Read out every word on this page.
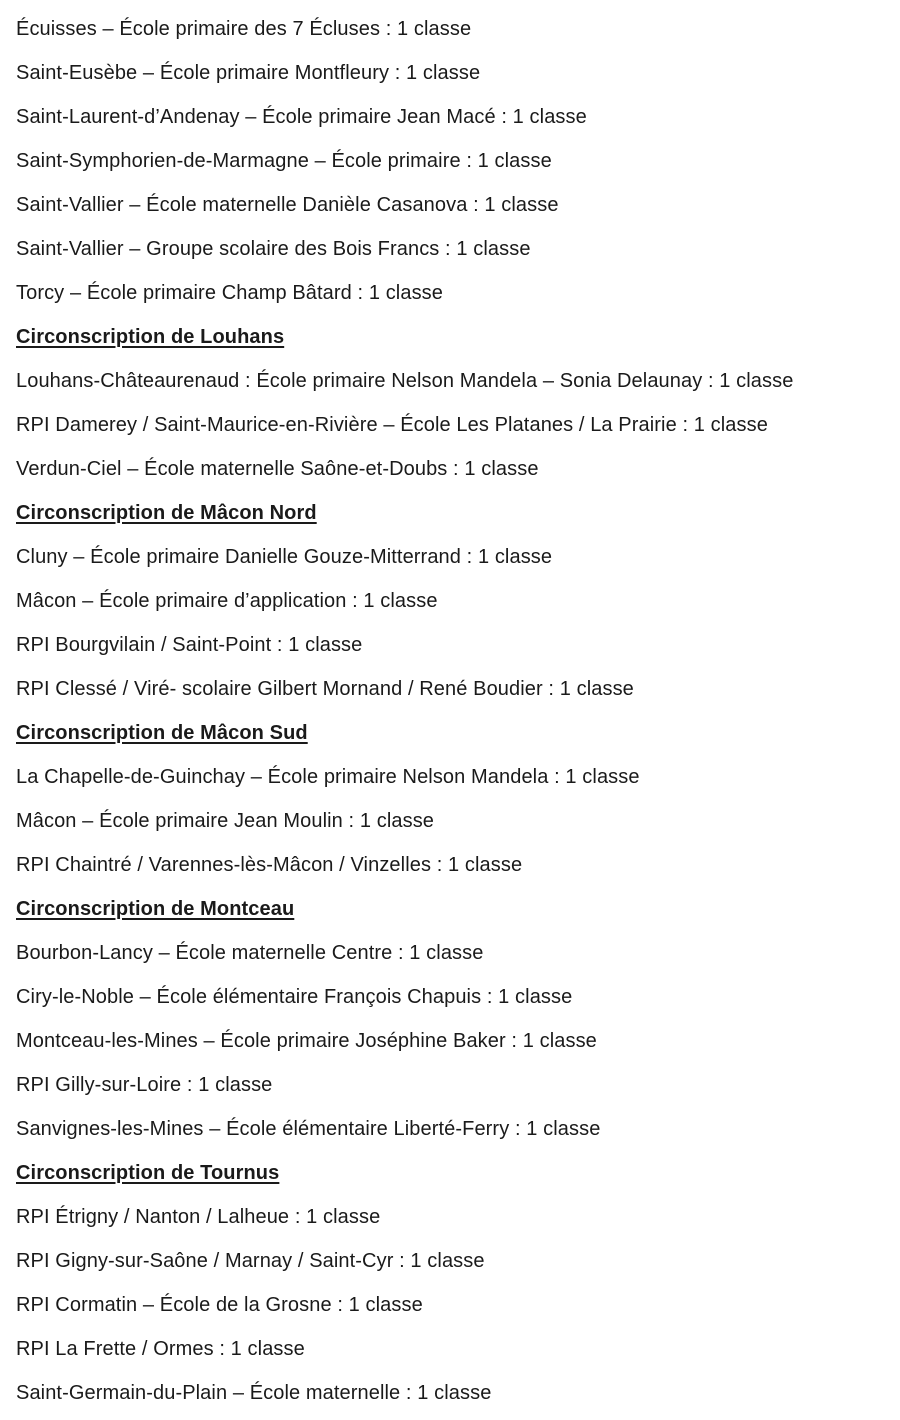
Écuisses – École primaire des 7 Écluses : 1 classe
Saint-Eusèbe – École primaire Montfleury : 1 classe
Saint-Laurent-d’Andenay – École primaire Jean Macé : 1 classe
Saint-Symphorien-de-Marmagne – École primaire : 1 classe
Saint-Vallier – École maternelle Danièle Casanova : 1 classe
Saint-Vallier – Groupe scolaire des Bois Francs : 1 classe
Torcy – École primaire Champ Bâtard : 1 classe
Circonscription de Louhans
Louhans-Châteaurenaud : École primaire Nelson Mandela – Sonia Delaunay : 1 classe
RPI Damerey / Saint-Maurice-en-Rivière – École Les Platanes / La Prairie : 1 classe
Verdun-Ciel – École maternelle Saône-et-Doubs : 1 classe
Circonscription de Mâcon Nord
Cluny – École primaire Danielle Gouze-Mitterrand : 1 classe
Mâcon – École primaire d’application : 1 classe
RPI Bourgvilain / Saint-Point : 1 classe
RPI Clessé / Viré- scolaire Gilbert Mornand / René Boudier : 1 classe
Circonscription de Mâcon Sud
La Chapelle-de-Guinchay – École primaire Nelson Mandela : 1 classe
Mâcon – École primaire Jean Moulin : 1 classe
RPI Chaintré / Varennes-lès-Mâcon / Vinzelles : 1 classe
Circonscription de Montceau
Bourbon-Lancy – École maternelle Centre : 1 classe
Ciry-le-Noble – École élémentaire François Chapuis : 1 classe
Montceau-les-Mines – École primaire Joséphine Baker : 1 classe
RPI Gilly-sur-Loire : 1 classe
Sanvignes-les-Mines – École élémentaire Liberté-Ferry : 1 classe
Circonscription de Tournus
RPI Étrigny / Nanton / Lalheue : 1 classe
RPI Gigny-sur-Saône / Marnay / Saint-Cyr : 1 classe
RPI Cormatin – École de la Grosne : 1 classe
RPI La Frette / Ormes : 1 classe
Saint-Germain-du-Plain – École maternelle : 1 classe
